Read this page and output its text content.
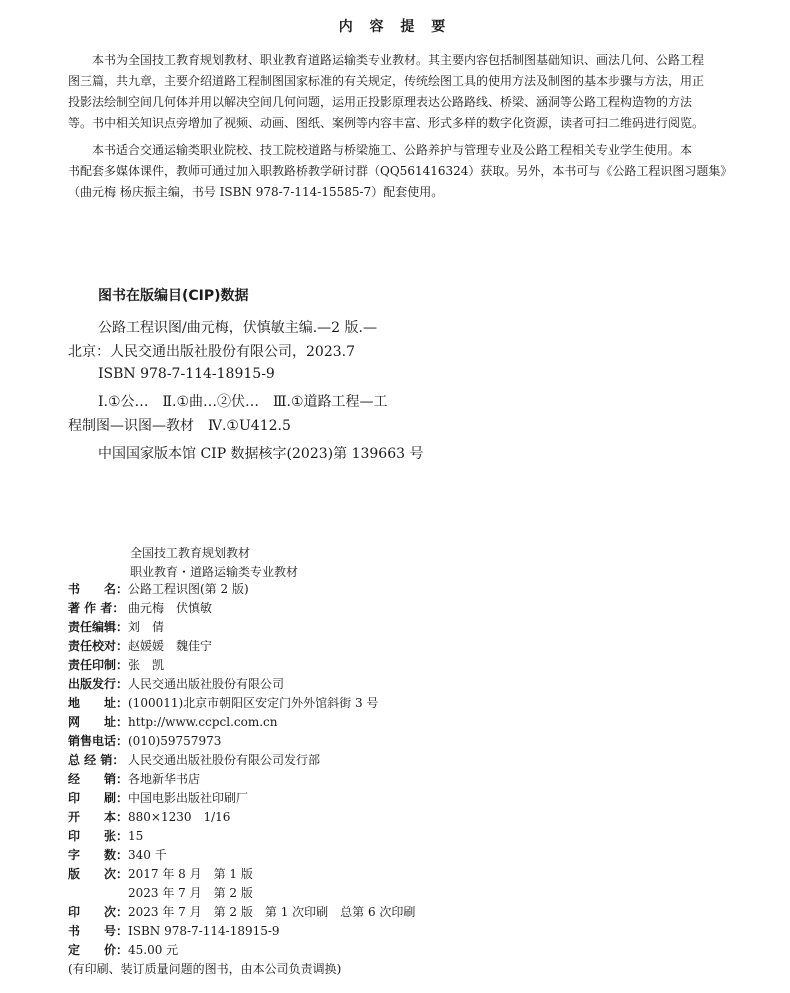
内 容 提 要
本书为全国技工教育规划教材、职业教育道路运输类专业教材。其主要内容包括制图基础知识、画法几何、公路工程
图三篇，共九章，主要介绍道路工程制图国家标准的有关规定，传统绘图工具的使用方法及制图的基本步骤与方法，用正
投影法绘制空间几何体并用以解决空间几何问题，运用正投影原理表达公路路线、桥梁、涵洞等公路工程构造物的方法
等。书中相关知识点旁增加了视频、动画、图纸、案例等内容丰富、形式多样的数字化资源，读者可扫二维码进行阅览。
本书适合交通运输类职业院校、技工院校道路与桥梁施工、公路养护与管理专业及公路工程相关专业学生使用。本
书配套多媒体课件，教师可通过加入职教路桥教学研讨群（QQ561416324）获取。另外，本书可与《公路工程识图习题集》
（曲元梅 杨庆振主编，书号 ISBN 978-7-114-15585-7）配套使用。
图书在版编目(CIP)数据
公路工程识图/曲元梅，伏慎敏主编.—2 版.—
北京：人民交通出版社股份有限公司，2023.7
ISBN 978-7-114-18915-9
Ⅰ.①公…　Ⅱ.①曲…②伏…　Ⅲ.①道路工程—工
程制图—识图—教材　Ⅳ.①U412.5
中国国家版本馆 CIP 数据核字(2023)第 139663 号
全国技工教育规划教材
职业教育・道路运输类专业教材
书　　名：公路工程识图(第 2 版)
著 作 者： 曲元梅　伏慎敏
责任编辑：刘　倩
责任校对：赵媛媛　魏佳宁
责任印制：张　凯
出版发行：人民交通出版社股份有限公司
地　　址：(100011)北京市朝阳区安定门外外馆斜街 3 号
网　　址：http://www.ccpcl.com.cn
销售电话：(010)59757973
总 经 销： 人民交通出版社股份有限公司发行部
经　　销：各地新华书店
印　　刷：中国电影出版社印刷厂
开　　本：880×1230　1/16
印　　张：15
字　　数：340 千
版　　次：2017 年 8 月　第 1 版
2023 年 7 月　第 2 版
印　　次：2023 年 7 月　第 2 版　第 1 次印刷　总第 6 次印刷
书　　号：ISBN 978-7-114-18915-9
定　　价：45.00 元
(有印刷、装订质量问题的图书，由本公司负责调换)
